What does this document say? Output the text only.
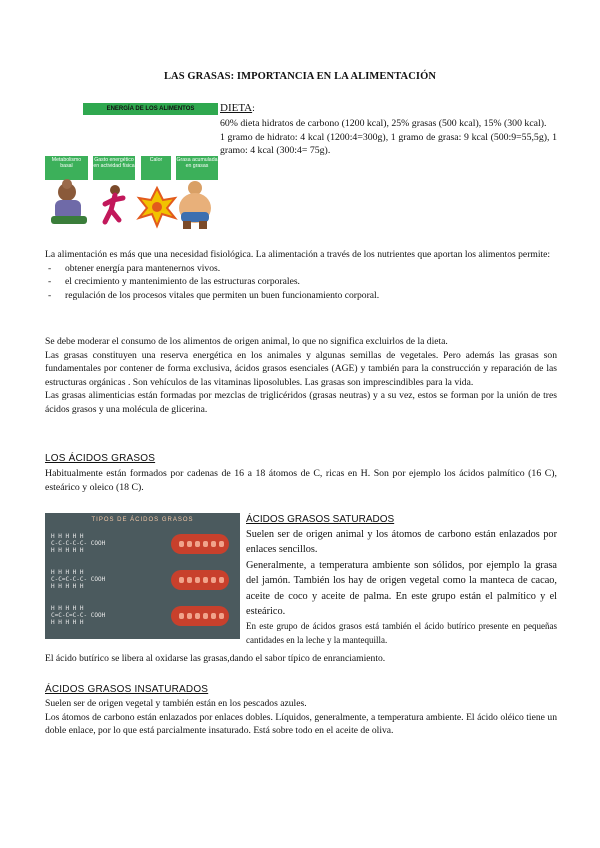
LAS GRASAS: IMPORTANCIA EN LA ALIMENTACIÓN
ENERGÍA DE LOS ALIMENTOS
Metabolismo basal
Gasto energético en actividad física
Calor	Grasa acumulada en grasas
DIETA:
60% dieta hidratos de carbono (1200 kcal), 25% grasas (500 kcal), 15% (300 kcal).
1 gramo de hidrato: 4 kcal (1200:4=300g), 1 gramo de grasa: 9 kcal (500:9=55,5g), 1 gramo: 4 kcal (300:4= 75g).
La alimentación es más que una necesidad fisiológica. La alimentación a través de los nutrientes que aportan los alimentos permite:
- obtener energía para mantenernos vivos.
- el crecimiento y mantenimiento de las estructuras corporales.
- regulación de los procesos vitales que permiten un buen funcionamiento corporal.
Se debe moderar el consumo de los alimentos de origen animal, lo que no significa excluirlos de la dieta.
Las grasas constituyen una reserva energética en los animales y algunas semillas de vegetales. Pero además las grasas son fundamentales por contener de forma exclusiva, ácidos grasos esenciales (AGE) y también para la construcción y reparación de las estructuras orgánicas . Son vehículos de las vitaminas liposolubles. Las grasas son imprescindibles para la vida.
Las grasas alimenticias están formadas por mezclas de triglicéridos (grasas neutras) y a su vez, estos se forman por la unión de tres ácidos grasos y una molécula de glicerina.
LOS ÁCIDOS GRASOS
Habitualmente están formados por cadenas de 16 a 18 átomos de C, ricas en H. Son por ejemplo los ácidos palmítico (16 C), esteárico y oleico (18 C).
TIPOS DE ÁCIDOS GRASOS
H H H H H
C-C-C-C-C- COOH
H H H H H
H H H H H
C-C=C-C-C- COOH
H H H H H
H H H H H
C=C-C=C-C- COOH
H H H H H
ÁCIDOS GRASOS SATURADOS
Suelen ser de origen animal y los átomos de carbono están enlazados por enlaces sencillos.
Generalmente, a temperatura ambiente son sólidos, por ejemplo la grasa del jamón. También los hay de origen vegetal como la manteca de cacao, aceite de coco y aceite de palma. En este grupo están el palmítico y el esteárico.
En este grupo de ácidos grasos está también el ácido butírico presente en pequeñas cantidades en la leche y la mantequilla.
El ácido butírico se libera al oxidarse las grasas,dando el sabor típico de enranciamiento.
ÁCIDOS GRASOS INSATURADOS
Suelen ser de origen vegetal y también están en los pescados azules.
Los átomos de carbono están enlazados por enlaces dobles. Líquidos, generalmente, a temperatura ambiente. El ácido oléico tiene un doble enlace, por lo que está parcialmente insaturado. Está sobre todo en el aceite de oliva.
